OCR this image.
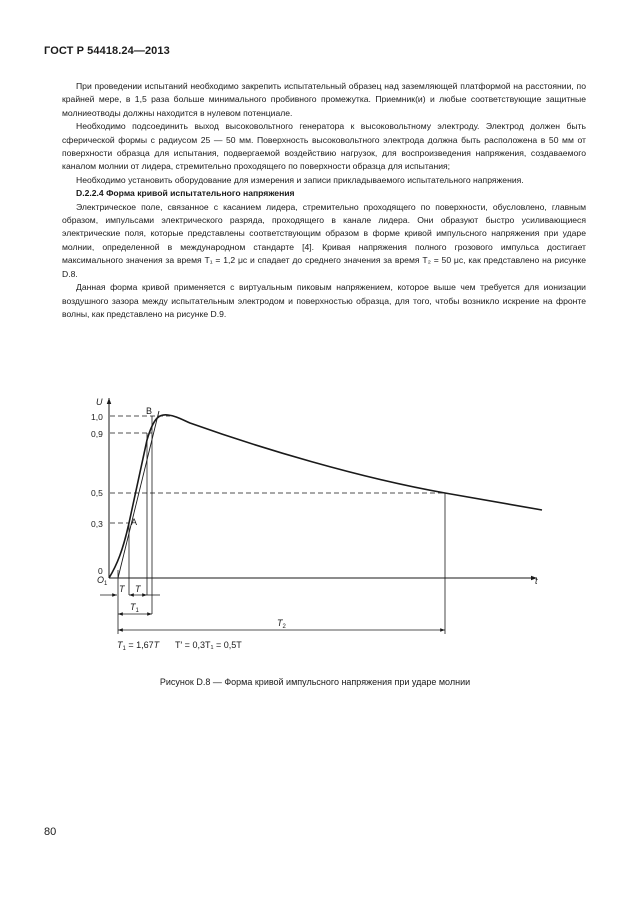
ГОСТ Р 54418.24—2013

При проведении испытаний необходимо закрепить испытательный образец над заземляющей платформой на расстоянии, по крайней мере, в 1,5 раза больше минимального пробивного промежутка. Приемник(и) и любые соответствующие защитные молниеотводы должны находится в нулевом потенциале.

Необходимо подсоединить выход высоковольтного генератора к высоковольтному электроду. Электрод должен быть сферической формы с радиусом 25 — 50 мм. Поверхность высоковольтного электрода должна быть расположена в 50 мм от поверхности образца для испытания, подвергаемой воздействию нагрузок, для воспроизведения напряжения, создаваемого каналом молнии от лидера, стремительно проходящего по поверхности образца для испытания;

Необходимо установить оборудование для измерения и записи прикладываемого испытательного напряжения.

D.2.2.4 Форма кривой испытательного напряжения

Электрическое поле, связанное с касанием лидера, стремительно проходящего по поверхности, обусловлено, главным образом, импульсами электрического разряда, проходящего в канале лидера. Они образуют быстро усиливающиеся электрические поля, которые представлены соответствующим образом в форме кривой импульсного напряжения при ударе молнии, определенной в международном стандарте [4]. Кривая напряжения полного грозового импульса достигает максимального значения за время T₁ = 1,2 μс и спадает до среднего значения за время T₂ = 50 μс, как представлено на рисунке D.8.

Данная форма кривой применяется с виртуальным пиковым напряжением, которое выше чем требуется для ионизации воздушного зазора между испытательным электродом и поверхностью образца, для того, чтобы возникло искрение на фронте волны, как представлено на рисунке D.9.

U
t
1,0
0,9
0,5
0,3
0
$O_1$
A
B
T T
$T_1$
$T_2$
$T_1 = 1,67T$ T′ = 0,3T₁ = 0,5T
Рисунок D.8 — Форма кривой импульсного напряжения при ударе молнии
80
